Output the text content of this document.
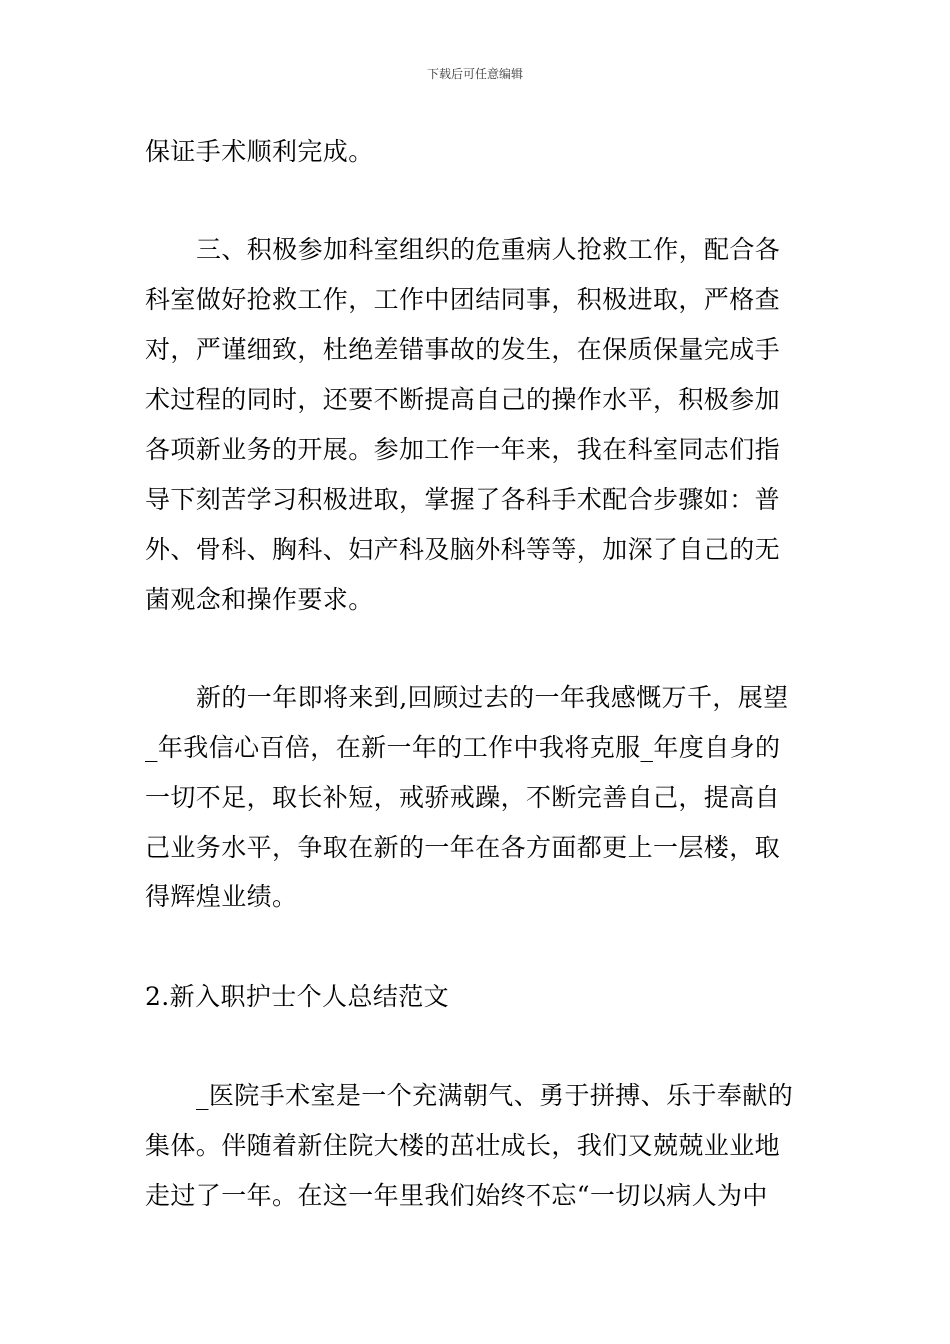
下载后可任意编辑
保证手术顺利完成。
三、积极参加科室组织的危重病人抢救工作，配合各
科室做好抢救工作，工作中团结同事，积极进取，严格查
对，严谨细致，杜绝差错事故的发生，在保质保量完成手
术过程的同时，还要不断提高自己的操作水平，积极参加
各项新业务的开展。参加工作一年来，我在科室同志们指
导下刻苦学习积极进取，掌握了各科手术配合步骤如：普
外、骨科、胸科、妇产科及脑外科等等，加深了自己的无
菌观念和操作要求。
新的一年即将来到,回顾过去的一年我感慨万千，展望
_年我信心百倍，在新一年的工作中我将克服_年度自身的
一切不足，取长补短，戒骄戒躁，不断完善自己，提高自
己业务水平，争取在新的一年在各方面都更上一层楼，取
得辉煌业绩。
2.新入职护士个人总结范文
_医院手术室是一个充满朝气、勇于拼搏、乐于奉献的
集体。伴随着新住院大楼的茁壮成长，我们又兢兢业业地
走过了一年。在这一年里我们始终不忘“一切以病人为中
